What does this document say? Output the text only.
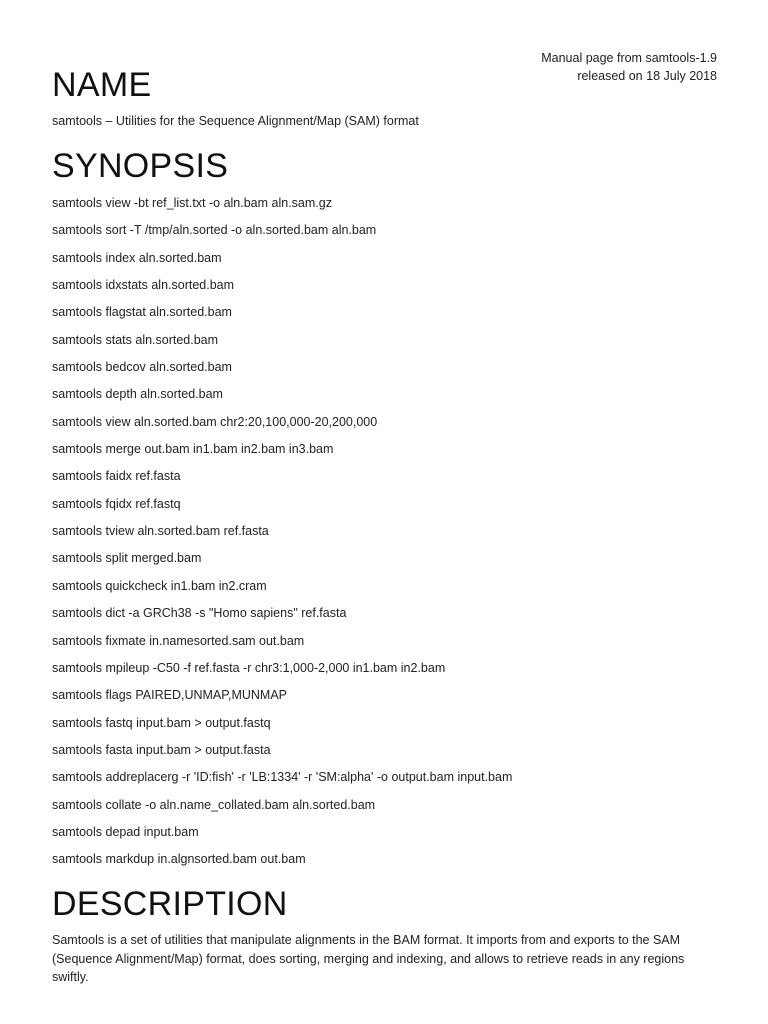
Manual page from samtools-1.9
released on 18 July 2018
NAME
samtools – Utilities for the Sequence Alignment/Map (SAM) format
SYNOPSIS
samtools view -bt ref_list.txt -o aln.bam aln.sam.gz
samtools sort -T /tmp/aln.sorted -o aln.sorted.bam aln.bam
samtools index aln.sorted.bam
samtools idxstats aln.sorted.bam
samtools flagstat aln.sorted.bam
samtools stats aln.sorted.bam
samtools bedcov aln.sorted.bam
samtools depth aln.sorted.bam
samtools view aln.sorted.bam chr2:20,100,000-20,200,000
samtools merge out.bam in1.bam in2.bam in3.bam
samtools faidx ref.fasta
samtools fqidx ref.fastq
samtools tview aln.sorted.bam ref.fasta
samtools split merged.bam
samtools quickcheck in1.bam in2.cram
samtools dict -a GRCh38 -s "Homo sapiens" ref.fasta
samtools fixmate in.namesorted.sam out.bam
samtools mpileup -C50 -f ref.fasta -r chr3:1,000-2,000 in1.bam in2.bam
samtools flags PAIRED,UNMAP,MUNMAP
samtools fastq input.bam > output.fastq
samtools fasta input.bam > output.fasta
samtools addreplacerg -r 'ID:fish' -r 'LB:1334' -r 'SM:alpha' -o output.bam input.bam
samtools collate -o aln.name_collated.bam aln.sorted.bam
samtools depad input.bam
samtools markdup in.algnsorted.bam out.bam
DESCRIPTION

Samtools is a set of utilities that manipulate alignments in the BAM format. It imports from and exports to the SAM (Sequence Alignment/Map) format, does sorting, merging and indexing, and allows to retrieve reads in any regions swiftly.
